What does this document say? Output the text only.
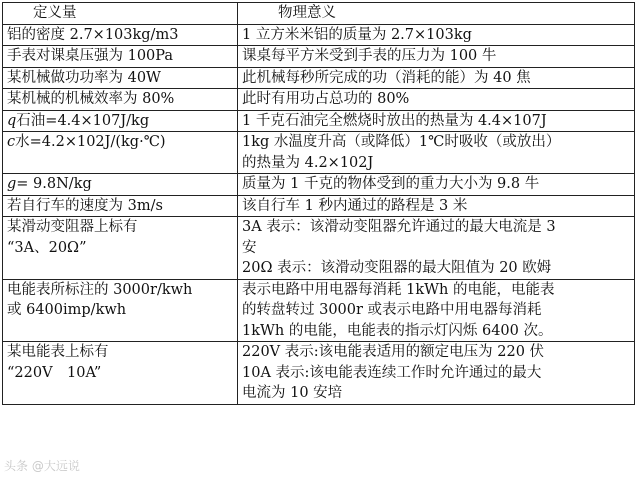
定义量	物理意义

铝的密度 2.7×103kg/m3	1 立方米米铝的质量为 2.7×103kg

手表对课桌压强为 100Pa	课桌每平方米受到手表的压力为 100 牛

某机械做功功率为 40W	此机械每秒所完成的功（消耗的能）为 40 焦

某机械的机械效率为 80%	此时有用功占总功的 80%

q石油=4.4×107J/kg	1 千克石油完全燃烧时放出的热量为 4.4×107J

c水=4.2×102J/(kg·℃)	1kg 水温度升高（或降低）1℃时吸收（或放出）
的热量为 4.2×102J

g= 9.8N/kg	质量为 1 千克的物体受到的重力大小为 9.8 牛

若自行车的速度为 3m/s	该自行车 1 秒内通过的路程是 3 米

某滑动变阻器上标有
“3A、20Ω”	3A 表示：该滑动变阻器允许通过的最大电流是 3
安
20Ω 表示：该滑动变阻器的最大阻值为 20 欧姆

电能表所标注的 3000r/kwh
或 6400imp/kwh	表示电路中用电器每消耗 1kWh 的电能，电能表
的转盘转过 3000r 或表示电路中用电器每消耗
1kWh 的电能，电能表的指示灯闪烁 6400 次。

某电能表上标有
“220V　10A”	220V 表示:该电能表适用的额定电压为 220 伏
10A 表示:该电能表连续工作时允许通过的最大
电流为 10 安培
头条 @大远说
